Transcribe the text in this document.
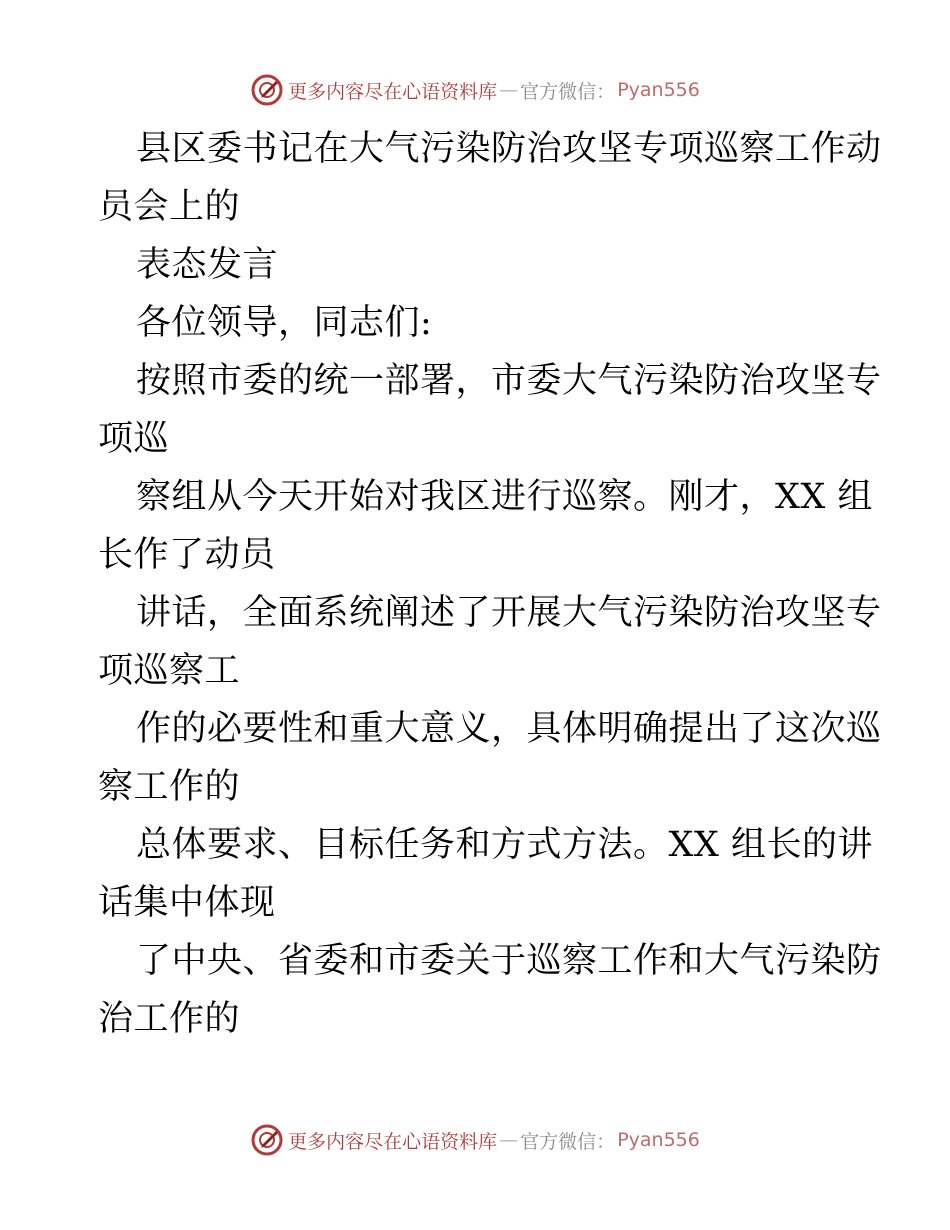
更多内容尽在心语资料库 — 官方微信： Pyan556
县区委书记在大气污染防治攻坚专项巡察工作动
员会上的
表态发言
各位领导，同志们:
按照市委的统一部署，市委大气污染防治攻坚专
项巡
察组从今天开始对我区进行巡察。刚才，XX 组
长作了动员
讲话，全面系统阐述了开展大气污染防治攻坚专
项巡察工
作的必要性和重大意义，具体明确提出了这次巡
察工作的
总体要求、目标任务和方式方法。XX 组长的讲
话集中体现
了中央、省委和市委关于巡察工作和大气污染防
治工作的
更多内容尽在心语资料库 — 官方微信： Pyan556
